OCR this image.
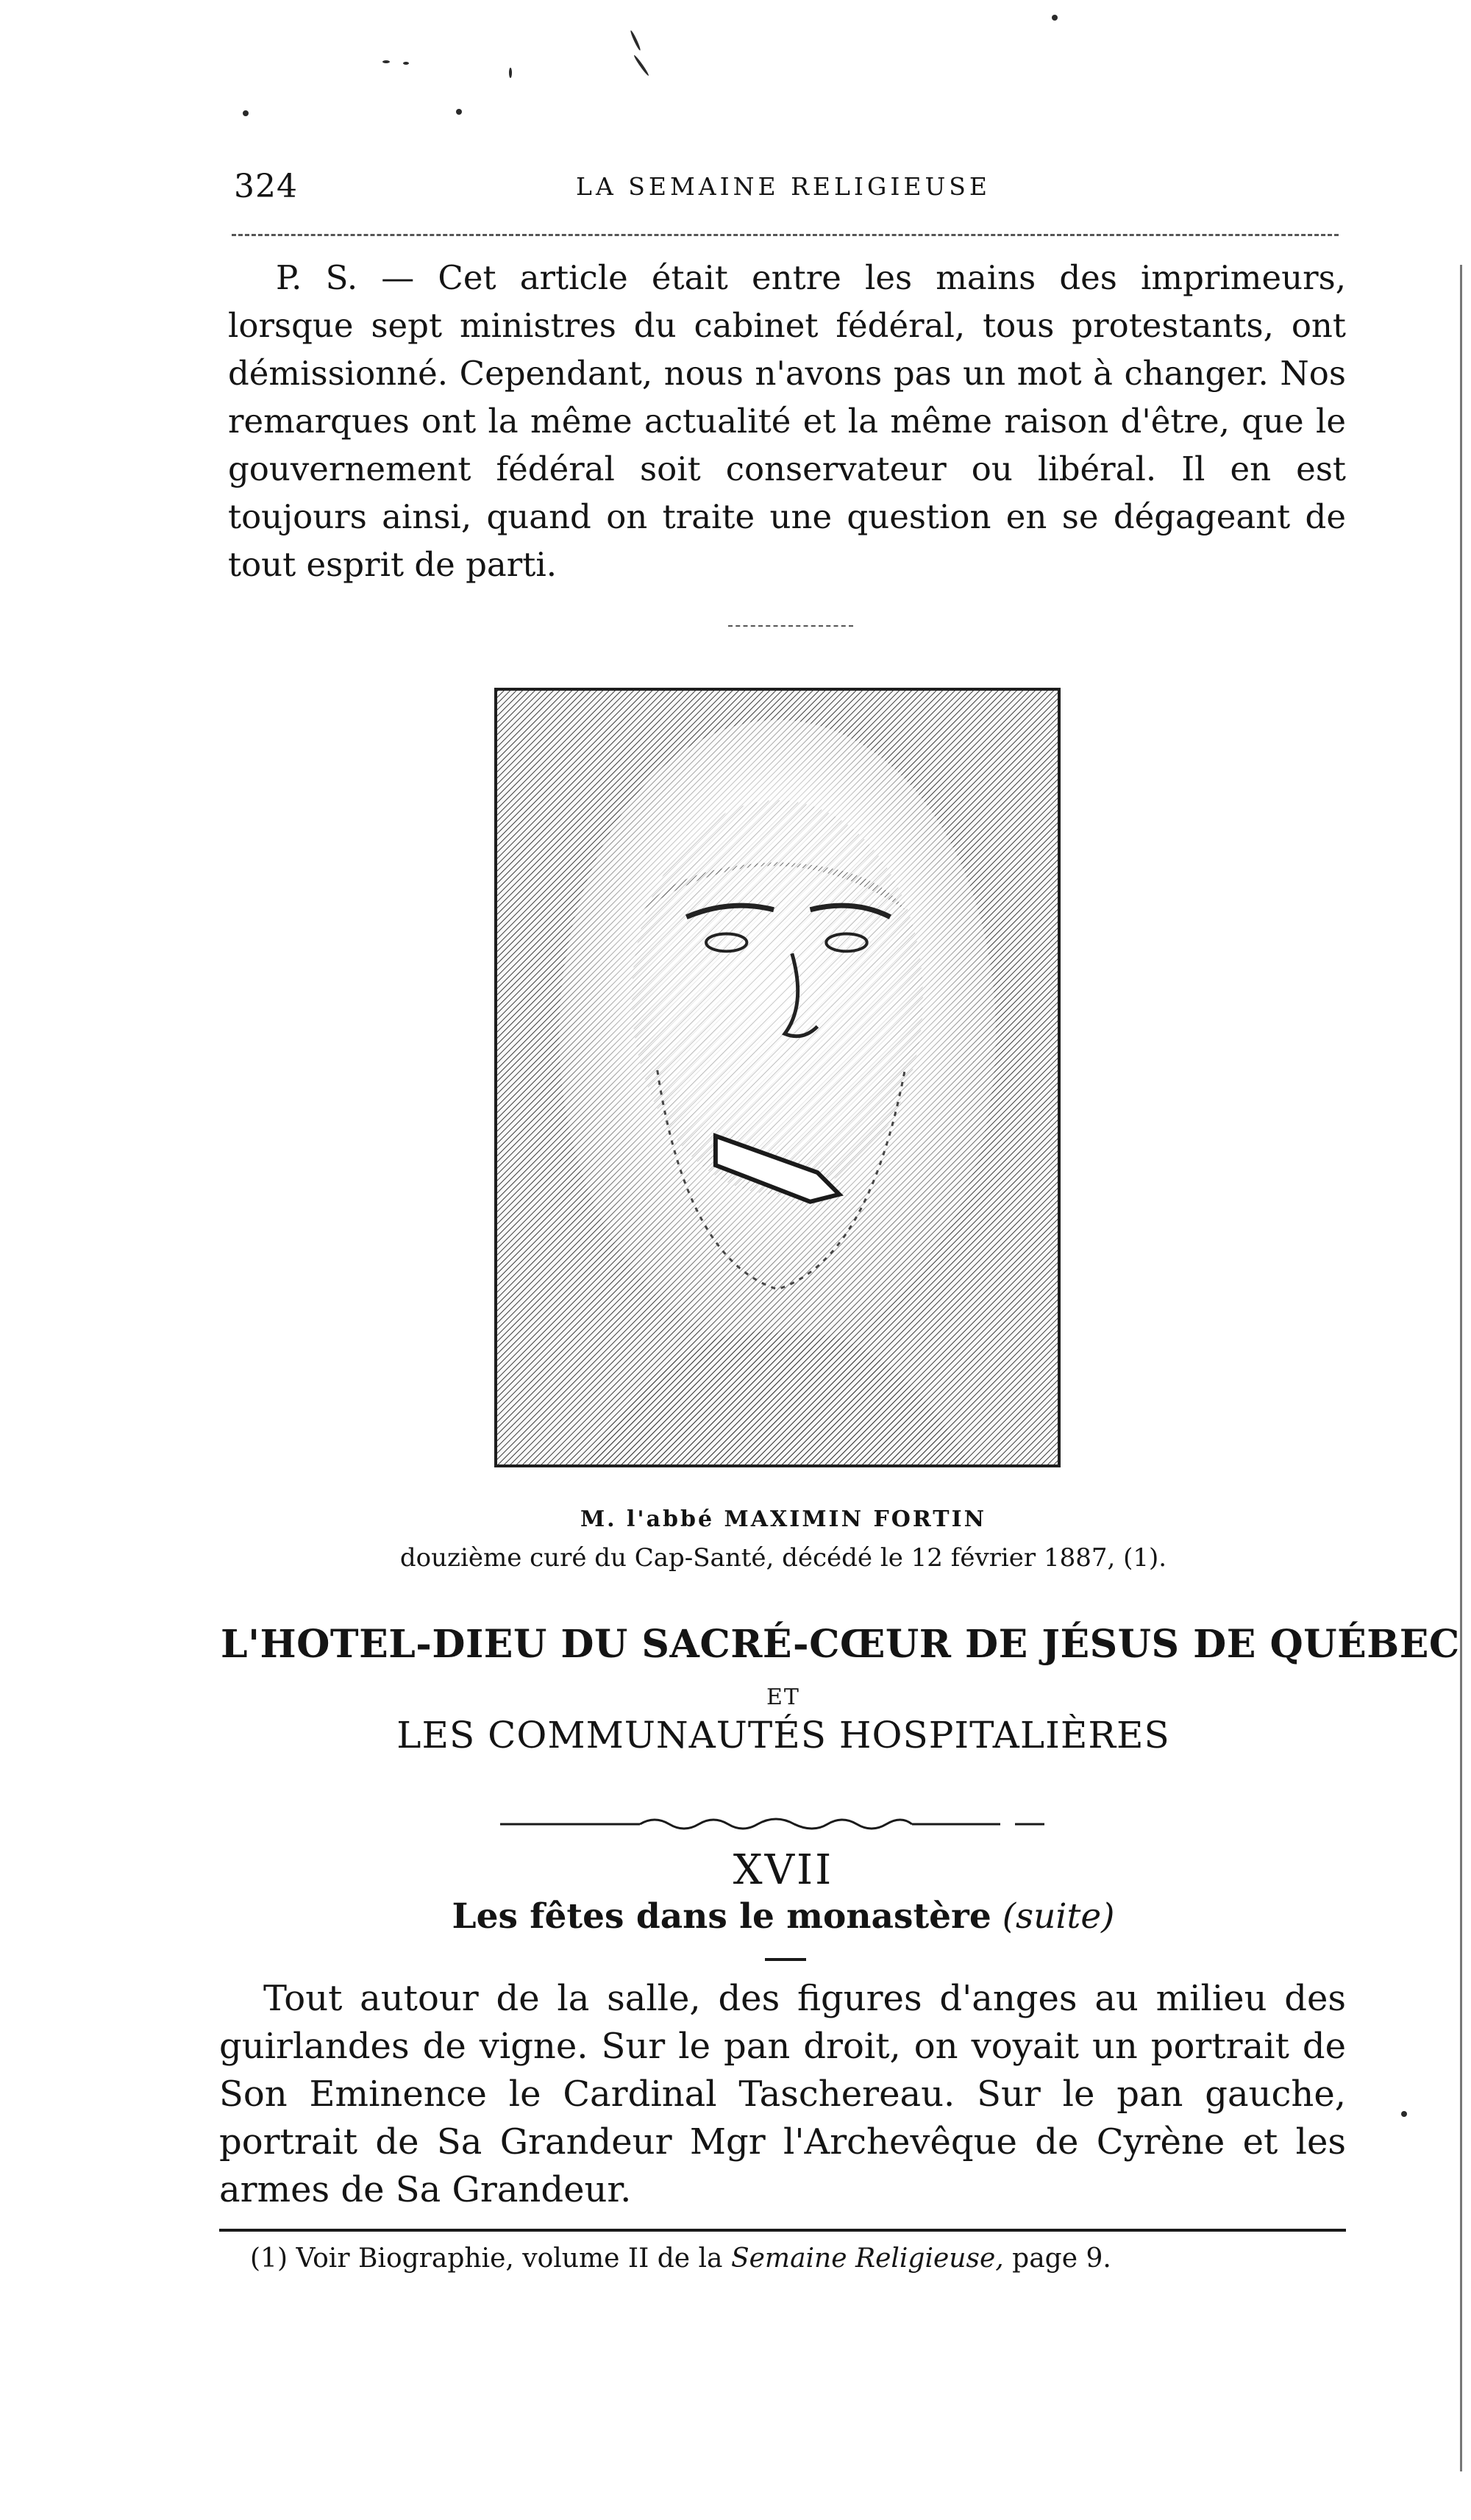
324	LA SEMAINE RELIGIEUSE

P. S. — Cet article était entre les mains des imprimeurs, lorsque sept ministres du cabinet fédéral, tous protestants, ont démissionné. Cependant, nous n'avons pas un mot à changer. Nos remarques ont la même actualité et la même raison d'être, que le gouvernement fédéral soit conservateur ou libéral. Il en est toujours ainsi, quand on traite une question en se dégageant de tout esprit de parti.

M. l'abbé MAXIMIN FORTIN
douzième curé du Cap-Santé, décédé le 12 février 1887, (1).
L'HOTEL-DIEU DU SACRÉ-CŒUR DE JÉSUS DE QUÉBEC
ET
LES COMMUNAUTÉS HOSPITALIÈRES
XVII
Les fêtes dans le monastère (suite)

Tout autour de la salle, des figures d'anges au milieu des guirlandes de vigne. Sur le pan droit, on voyait un portrait de Son Eminence le Cardinal Taschereau. Sur le pan gauche, portrait de Sa Grandeur Mgr l'Archevêque de Cyrène et les armes de Sa Grandeur.

(1) Voir Biographie, volume II de la Semaine Religieuse, page 9.
